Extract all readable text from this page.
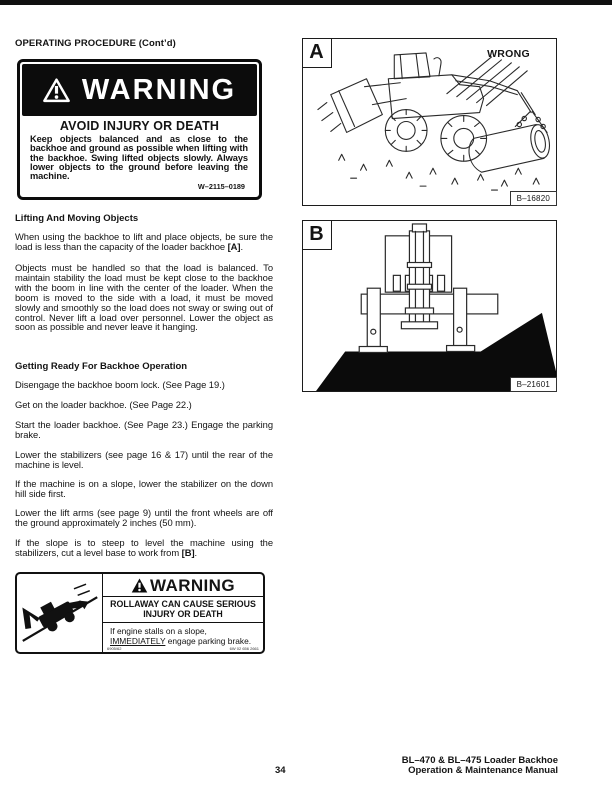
OPERATING PROCEDURE (Cont’d)
WARNING
AVOID INJURY OR DEATH
Keep objects balanced and as close to the backhoe and ground as possible when lifting with the backhoe. Swing lifted objects slowly. Always lower objects to the ground before leaving the machine.
W–2115–0189
Lifting And Moving Objects

When using the backhoe to lift and place objects, be sure the load is less than the capacity of the loader backhoe [A].

Objects must be handled so that the load is balanced. To maintain stability the load must be kept close to the backhoe with the boom in line with the center of the loader. When the boom is moved to the side with a load, it must be moved slowly and smoothly so the load does not sway or swing out of control. Never lift a load over personnel. Lower the object as soon as possible and never leave it hanging.

Getting Ready For Backhoe Operation

Disengage the backhoe boom lock. (See Page 19.)

Get on the loader backhoe. (See Page 22.)

Start the loader backhoe. (See Page 23.) Engage the parking brake.

Lower the stabilizers (see page 16 & 17) until the rear of the machine is level.

If the machine is on a slope, lower the stabilizer on the down hill side first.

Lower the lift arms (see page 9) until the front wheels are off the ground approximately 2 inches (50 mm).

If the slope is to steep to level the machine using the stabilizers, cut a level base to work from [B].

WARNING
ROLLAWAY CAN CAUSE SERIOUS
INJURY OR DEATH
If engine stalls on a slope, IMMEDIATELY engage parking brake.
6905/62	6W 02 656 2661
A	WRONG
B–16820
B
B–21601
34
BL–470 & BL–475 Loader Backhoe
Operation & Maintenance Manual
